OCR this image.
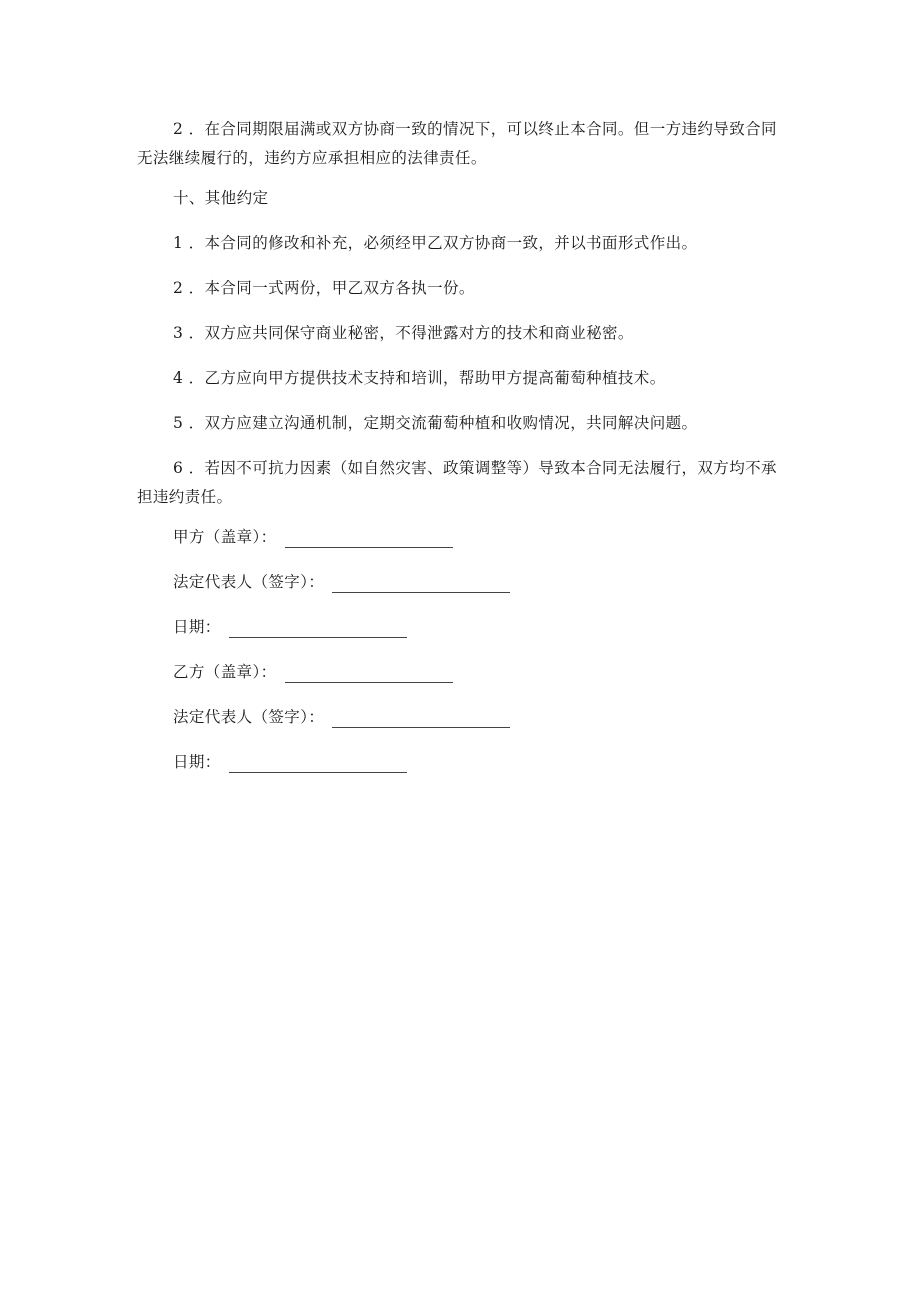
2 ．在合同期限届满或双方协商一致的情况下，可以终止本合同。但一方违约导致合同无法继续履行的，违约方应承担相应的法律责任。

十、其他约定

1 ．本合同的修改和补充，必须经甲乙双方协商一致，并以书面形式作出。

2 ．本合同一式两份，甲乙双方各执一份。

3 ．双方应共同保守商业秘密，不得泄露对方的技术和商业秘密。

4 ．乙方应向甲方提供技术支持和培训，帮助甲方提高葡萄种植技术。

5 ．双方应建立沟通机制，定期交流葡萄种植和收购情况，共同解决问题。

6 ．若因不可抗力因素（如自然灾害、政策调整等）导致本合同无法履行，双方均不承担违约责任。

甲方（盖章）：
法定代表人（签字）：
日期：
乙方（盖章）：
法定代表人（签字）：
日期：
